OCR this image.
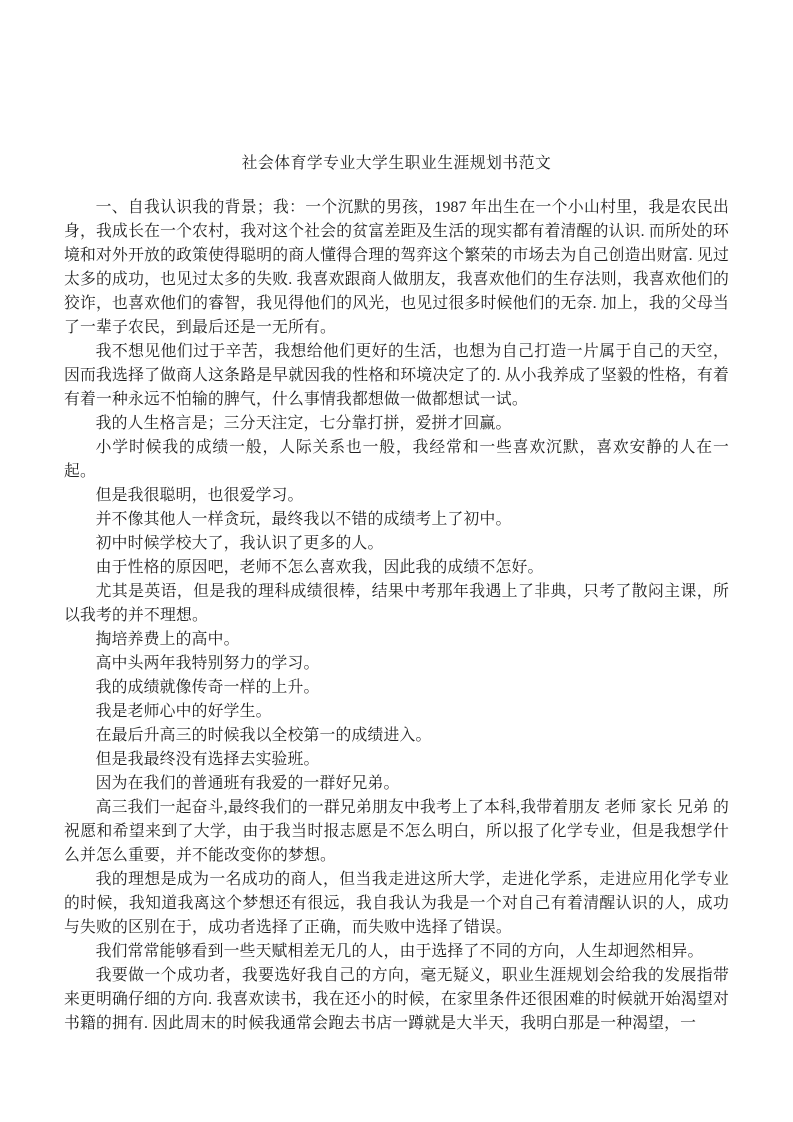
社会体育学专业大学生职业生涯规划书范文

一、自我认识我的背景；我：一个沉默的男孩，1987 年出生在一个小山村里，我是农民出身，我成长在一个农村，我对这个社会的贫富差距及生活的现实都有着清醒的认识. 而所处的环境和对外开放的政策使得聪明的商人懂得合理的驾弈这个繁荣的市场去为自己创造出财富. 见过太多的成功，也见过太多的失败. 我喜欢跟商人做朋友，我喜欢他们的生存法则，我喜欢他们的狡诈，也喜欢他们的睿智，我见得他们的风光，也见过很多时候他们的无奈. 加上，我的父母当了一辈子农民，到最后还是一无所有。

我不想见他们过于辛苦，我想给他们更好的生活，也想为自己打造一片属于自己的天空，因而我选择了做商人这条路是早就因我的性格和环境决定了的. 从小我养成了坚毅的性格，有着有着一种永远不怕输的脾气，什么事情我都想做一做都想试一试。

我的人生格言是；三分天注定，七分靠打拼，爱拼才回赢。

小学时候我的成绩一般，人际关系也一般，我经常和一些喜欢沉默，喜欢安静的人在一起。

但是我很聪明，也很爱学习。

并不像其他人一样贪玩，最终我以不错的成绩考上了初中。

初中时候学校大了，我认识了更多的人。

由于性格的原因吧，老师不怎么喜欢我，因此我的成绩不怎好。

尤其是英语，但是我的理科成绩很棒，结果中考那年我遇上了非典，只考了散闷主课，所以我考的并不理想。

掏培养费上的高中。

高中头两年我特别努力的学习。

我的成绩就像传奇一样的上升。

我是老师心中的好学生。

在最后升高三的时候我以全校第一的成绩进入。

但是我最终没有选择去实验班。

因为在我们的普通班有我爱的一群好兄弟。

高三我们一起奋斗,最终我们的一群兄弟朋友中我考上了本科,我带着朋友 老师 家长 兄弟 的祝愿和希望来到了大学，由于我当时报志愿是不怎么明白，所以报了化学专业，但是我想学什么并怎么重要，并不能改变你的梦想。

我的理想是成为一名成功的商人，但当我走进这所大学，走进化学系，走进应用化学专业的时候，我知道我离这个梦想还有很远，我自我认为我是一个对自己有着清醒认识的人，成功与失败的区别在于，成功者选择了正确，而失败中选择了错误。

我们常常能够看到一些天赋相差无几的人，由于选择了不同的方向，人生却迥然相异。

我要做一个成功者，我要选好我自己的方向，毫无疑义，职业生涯规划会给我的发展指带来更明确仔细的方向. 我喜欢读书，我在还小的时候，在家里条件还很困难的时候就开始渴望对书籍的拥有. 因此周末的时候我通常会跑去书店一蹲就是大半天，我明白那是一种渴望，一
